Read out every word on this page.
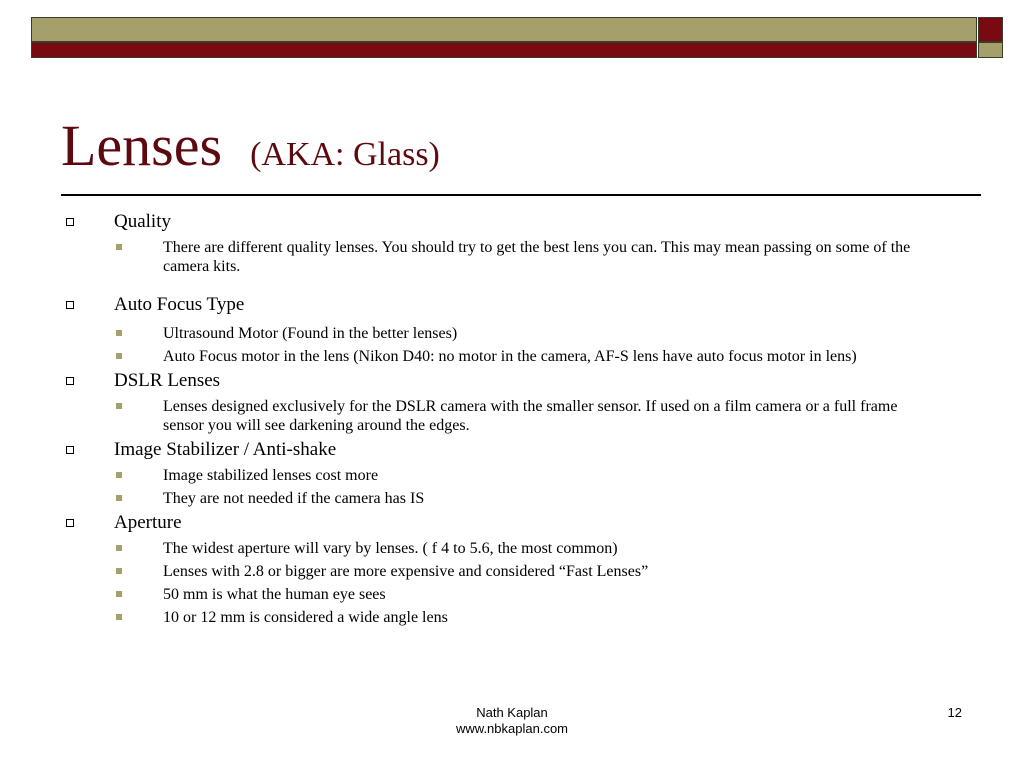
Lenses (AKA: Glass)
Quality
There are different quality lenses. You should try to get the best lens you can. This may mean passing on some of the camera kits.
Auto Focus Type
Ultrasound Motor (Found in the better lenses)
Auto Focus motor in the lens (Nikon D40: no motor in the camera, AF-S lens have auto focus motor in lens)
DSLR Lenses
Lenses designed exclusively for the DSLR camera with the smaller sensor. If used on a film camera or a full frame sensor you will see darkening around the edges.
Image Stabilizer / Anti-shake
Image stabilized lenses cost more
They are not needed if the camera has IS
Aperture
The widest aperture will vary by lenses. ( f 4 to 5.6, the most common)
Lenses with 2.8 or bigger are more expensive and considered “Fast Lenses”
50 mm is what the human eye sees
10 or 12 mm is considered a wide angle lens
Nath Kaplan
www.nbkaplan.com
12
